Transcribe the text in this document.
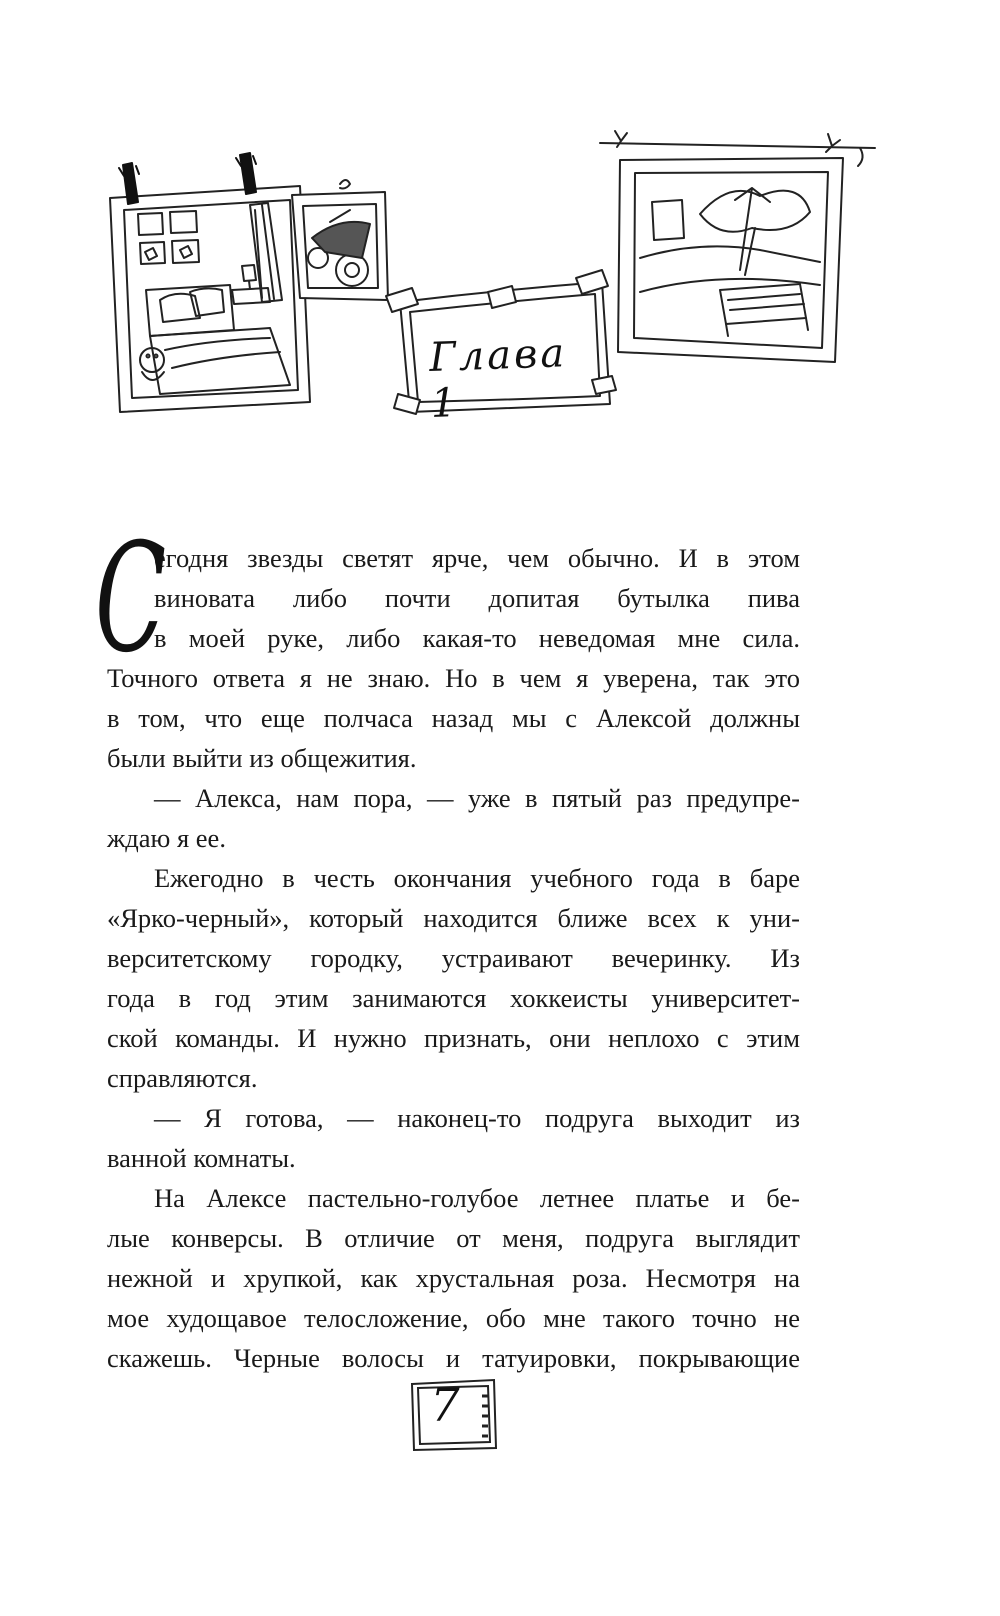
Глава 1
С
егодня звезды светят ярче, чем обычно. И в этом
виновата либо почти допитая бутылка пива
в моей руке, либо какая-то неведомая мне сила.
Точного ответа я не знаю. Но в чем я уверена, так это
в том, что еще полчаса назад мы с Алексой должны
были выйти из общежития.
— Алекса, нам пора, — уже в пятый раз предупре-
ждаю я ее.
Ежегодно в честь окончания учебного года в баре
«Ярко-черный», который находится ближе всех к уни-
верситетскому городку, устраивают вечеринку. Из
года в год этим занимаются хоккеисты университет-
ской команды. И нужно признать, они неплохо с этим
справляются.
— Я готова, — наконец-то подруга выходит из
ванной комнаты.
На Алексе пастельно-голубое летнее платье и бе-
лые конверсы. В отличие от меня, подруга выглядит
нежной и хрупкой, как хрустальная роза. Несмотря на
мое худощавое телосложение, обо мне такого точно не
скажешь. Черные волосы и татуировки, покрывающие
7
